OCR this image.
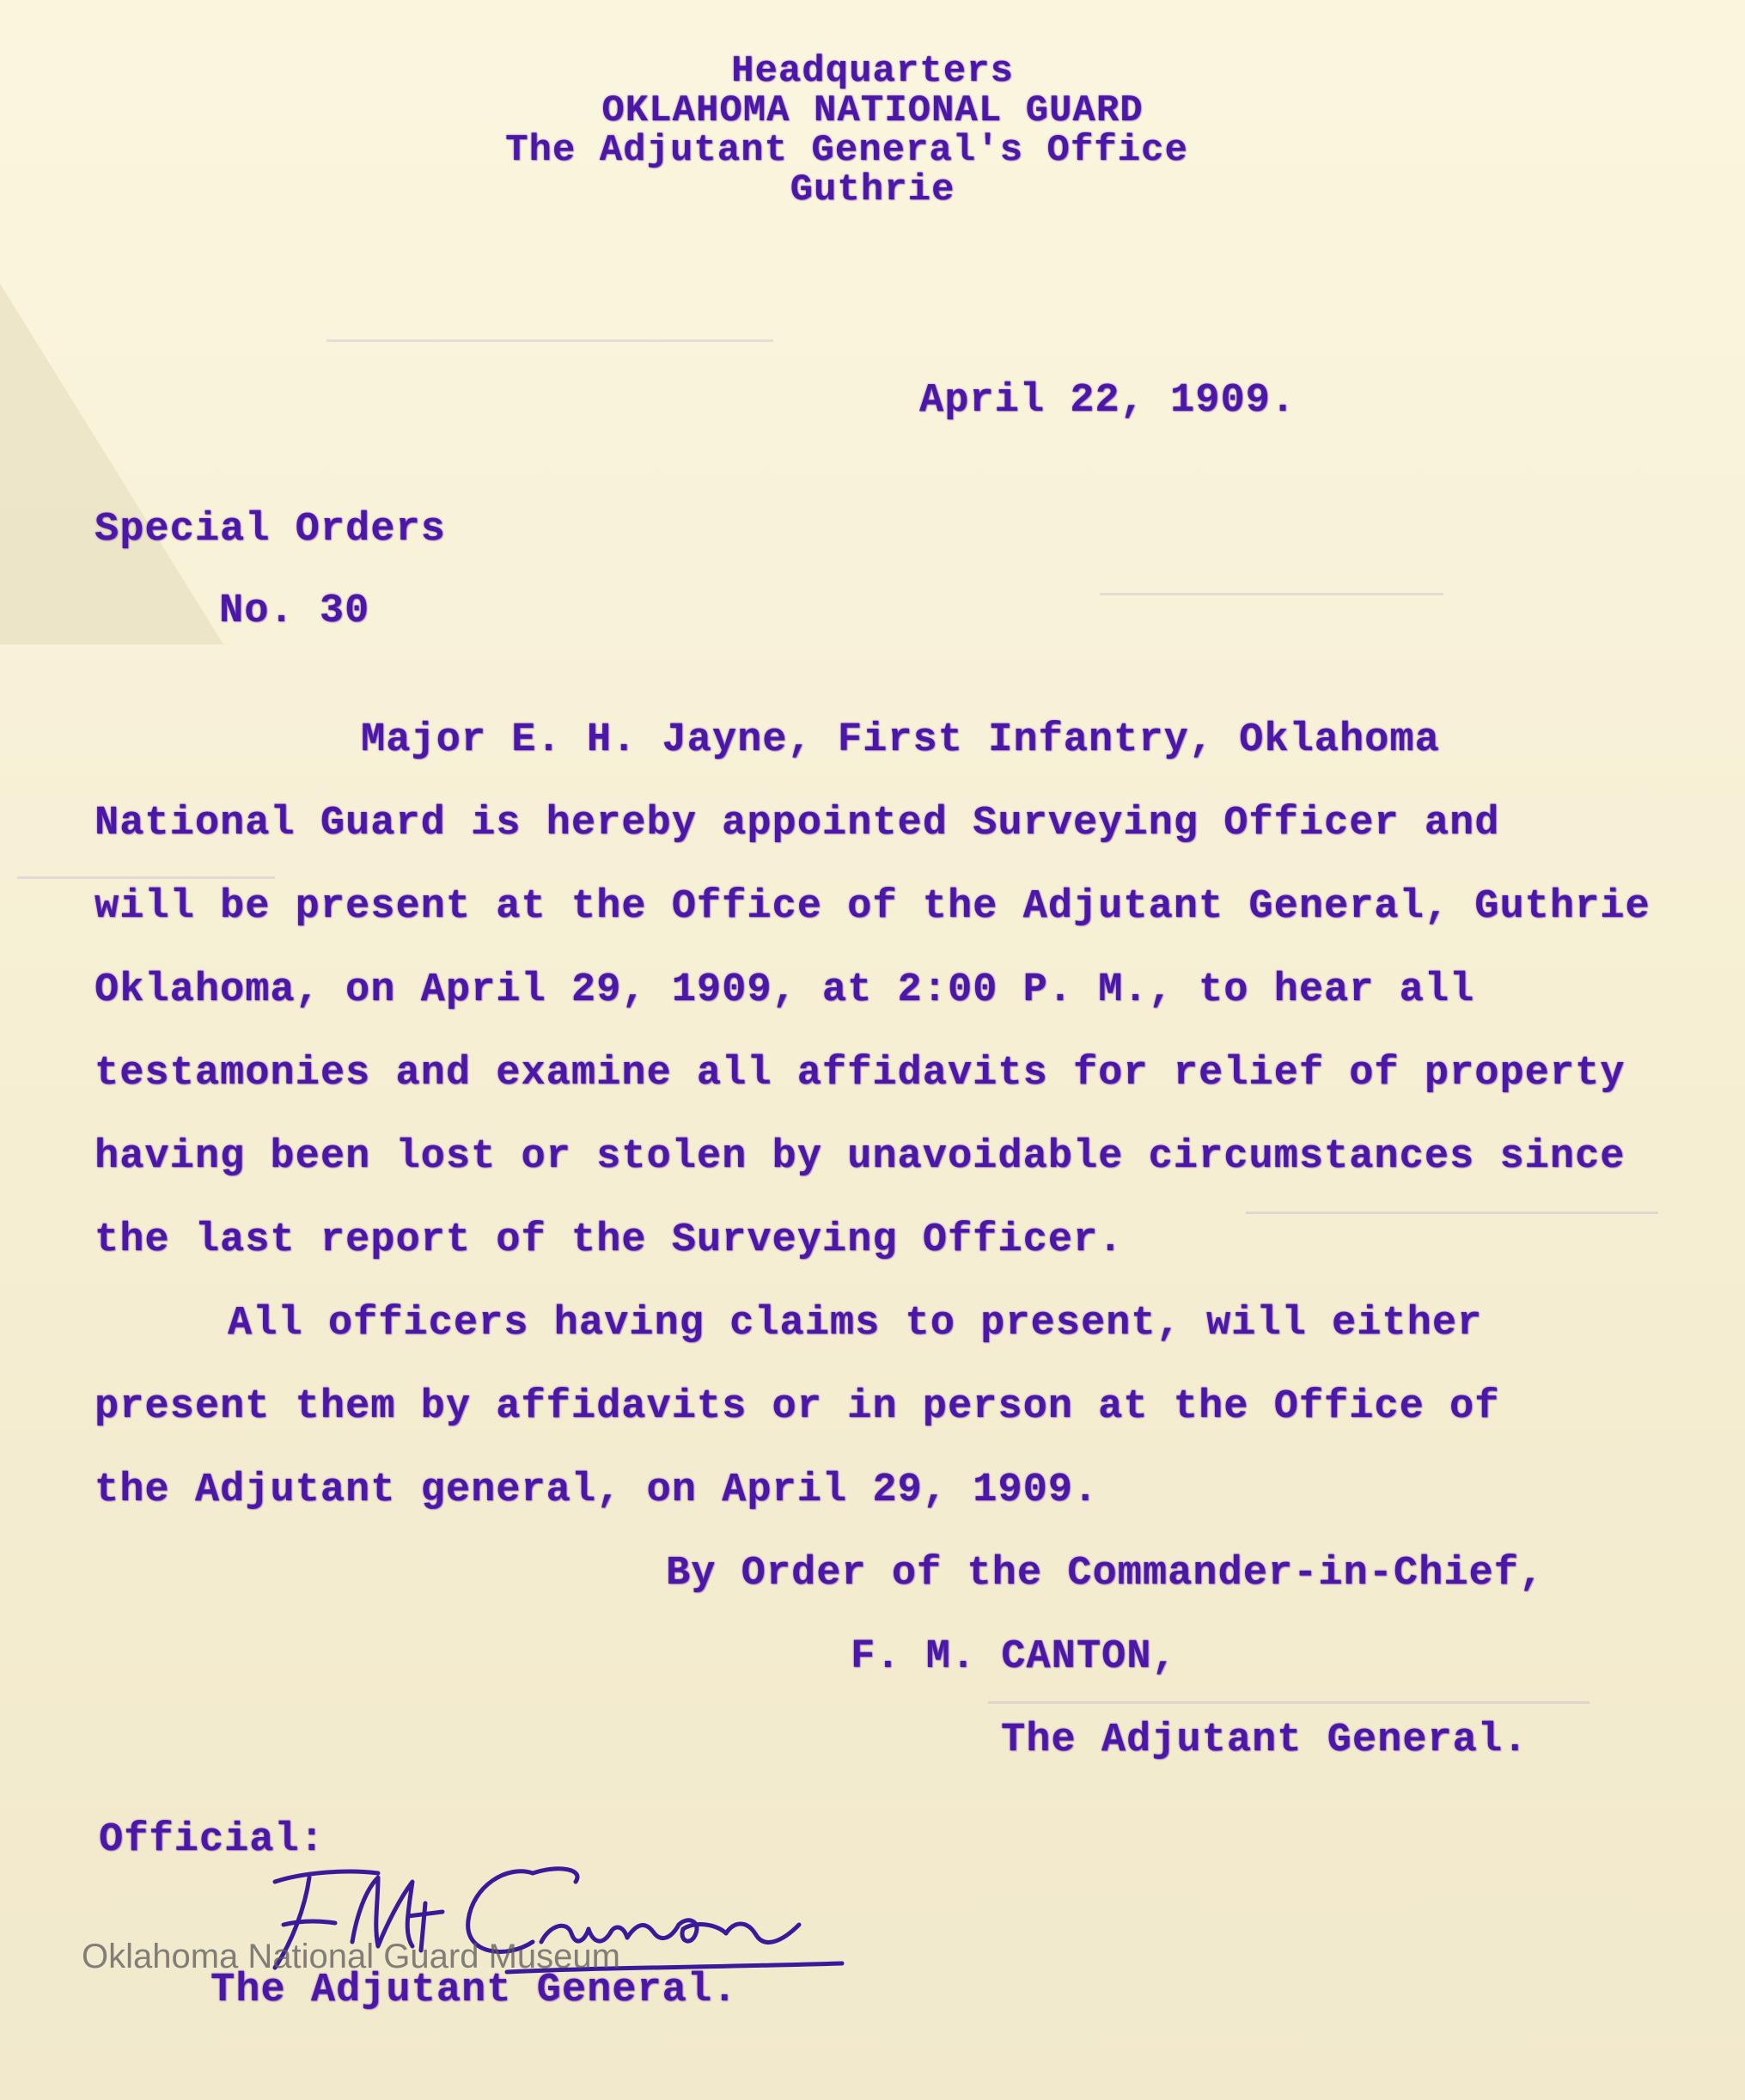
Headquarters
OKLAHOMA NATIONAL GUARD
The Adjutant General's Office
Guthrie
April 22, 1909.
Special Orders
No. 30
Major E. H. Jayne, First Infantry, Oklahoma
National Guard is hereby appointed Surveying Officer and
will be present at the Office of the Adjutant General, Guthrie
Oklahoma, on April 29, 1909, at 2:00 P. M., to hear all
testamonies and examine all affidavits for relief of property
having been lost or stolen by unavoidable circumstances since
the last report of the Surveying Officer.
All officers having claims to present, will either
present them by affidavits or in person at the Office of
the Adjutant general, on April 29, 1909.
By Order of the Commander-in-Chief,
F. M. CANTON,
The Adjutant General.
Official:
The Adjutant General.
Oklahoma National Guard Museum
